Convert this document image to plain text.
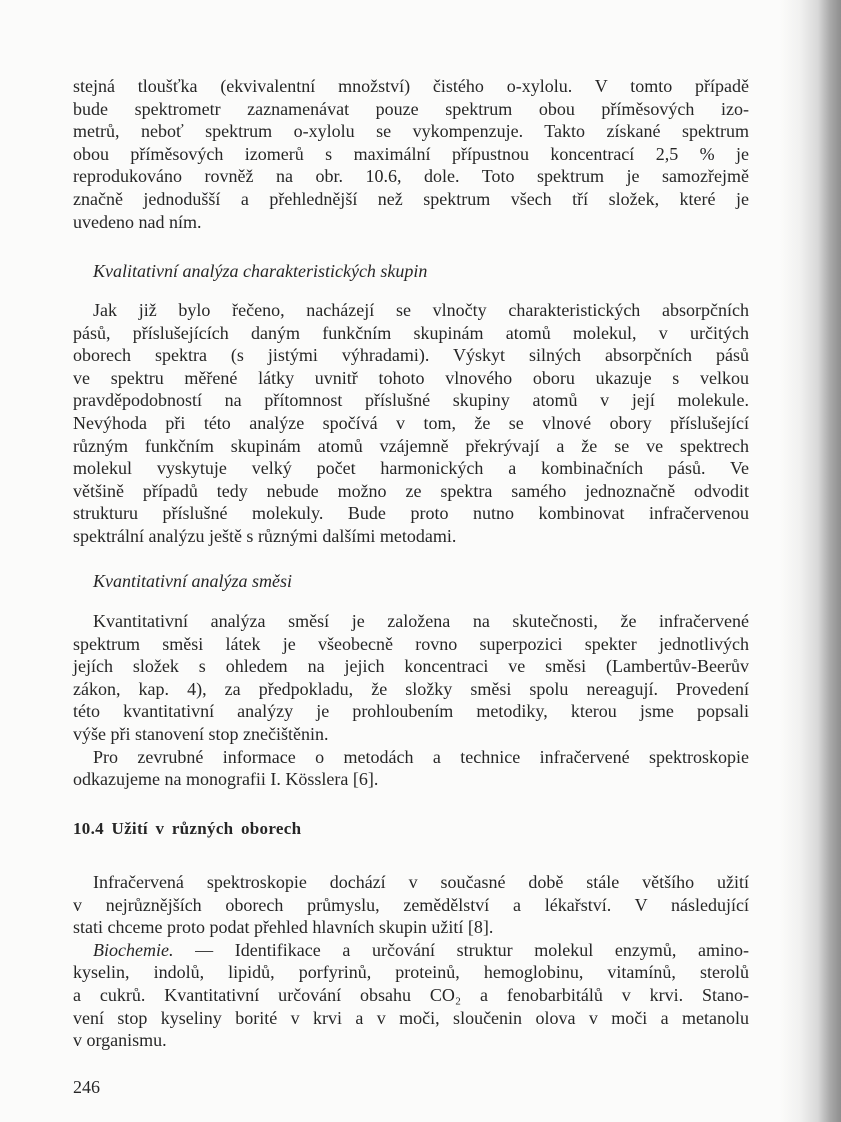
stejná tloušťka (ekvivalentní množství) čistého o-xylolu. V tomto případě
bude spektrometr zaznamenávat pouze spektrum obou příměsových izo-
metrů, neboť spektrum o-xylolu se vykompenzuje. Takto získané spektrum
obou příměsových izomerů s maximální přípustnou koncentrací 2,5 % je
reprodukováno rovněž na obr. 10.6, dole. Toto spektrum je samozřejmě
značně jednodušší a přehlednější než spektrum všech tří složek, které je
uvedeno nad ním.
Kvalitativní analýza charakteristických skupin
Jak již bylo řečeno, nacházejí se vlnočty charakteristických absorpčních
pásů, příslušejících daným funkčním skupinám atomů molekul, v určitých
oborech spektra (s jistými výhradami). Výskyt silných absorpčních pásů
ve spektru měřené látky uvnitř tohoto vlnového oboru ukazuje s velkou
pravděpodobností na přítomnost příslušné skupiny atomů v její molekule.
Nevýhoda při této analýze spočívá v tom, že se vlnové obory příslušející
různým funkčním skupinám atomů vzájemně překrývají a že se ve spektrech
molekul vyskytuje velký počet harmonických a kombinačních pásů. Ve
většině případů tedy nebude možno ze spektra samého jednoznačně odvodit
strukturu příslušné molekuly. Bude proto nutno kombinovat infračervenou
spektrální analýzu ještě s různými dalšími metodami.
Kvantitativní analýza směsi
Kvantitativní analýza směsí je založena na skutečnosti, že infračervené
spektrum směsi látek je všeobecně rovno superpozici spekter jednotlivých
jejích složek s ohledem na jejich koncentraci ve směsi (Lambertův-Beerův
zákon, kap. 4), za předpokladu, že složky směsi spolu nereagují. Provedení
této kvantitativní analýzy je prohloubením metodiky, kterou jsme popsali
výše při stanovení stop znečištěnin.
Pro zevrubné informace o metodách a technice infračervené spektroskopie
odkazujeme na monografii I. Kösslera [6].
10.4 Užití v různých oborech
Infračervená spektroskopie dochází v současné době stále většího užití
v nejrůznějších oborech průmyslu, zemědělství a lékařství. V následující
stati chceme proto podat přehled hlavních skupin užití [8].
Biochemie. — Identifikace a určování struktur molekul enzymů, amino-
kyselin, indolů, lipidů, porfyrinů, proteinů, hemoglobinu, vitamínů, sterolů
a cukrů. Kvantitativní určování obsahu CO₂ a fenobarbitálů v krvi. Stano-
vení stop kyseliny borité v krvi a v moči, sloučenin olova v moči a metanolu
v organismu.
246
